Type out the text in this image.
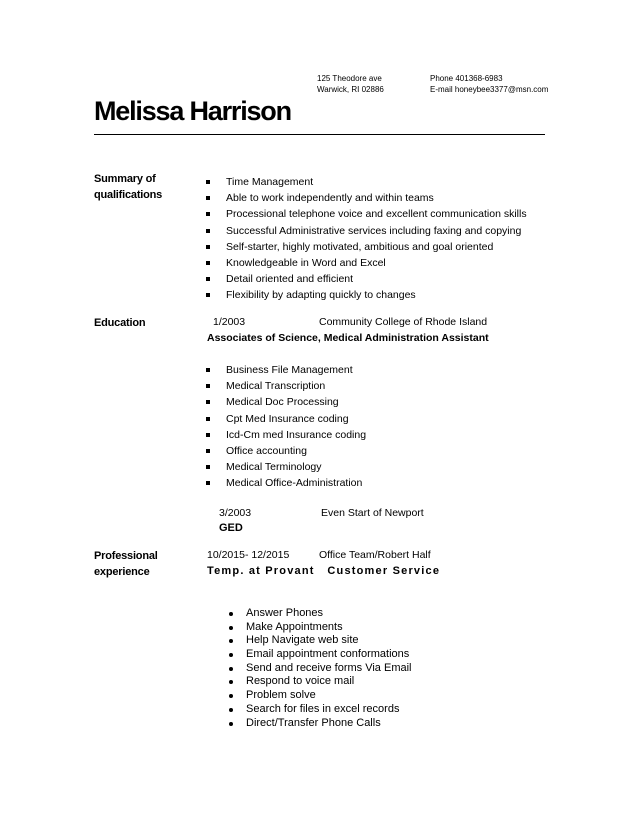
125 Theodore ave
Warwick, RI 02886
Phone 401368-6983
E-mail honeybee3377@msn.com
Melissa Harrison
Summary of
qualifications
Time Management
Able to work independently and within teams
Processional telephone voice and excellent communication skills
Successful Administrative services including faxing and copying
Self-starter, highly motivated, ambitious and goal oriented
Knowledgeable in Word and Excel
Detail oriented and efficient
Flexibility by adapting quickly to changes
Education	1/2003	Community College of Rhode Island
Associates of Science, Medical Administration Assistant
Business File Management
Medical Transcription
Medical Doc Processing
Cpt Med Insurance coding
Icd-Cm med Insurance coding
Office accounting
Medical Terminology
Medical Office-Administration
3/2003	Even Start of Newport
GED
Professional
experience
10/2015- 12/2015	Office Team/Robert Half
Temp. at Provant   Customer Service
Answer Phones
Make Appointments
Help Navigate web site
Email appointment conformations
Send and receive forms Via Email
Respond to voice mail
Problem solve
Search for files in excel records
Direct/Transfer Phone Calls
